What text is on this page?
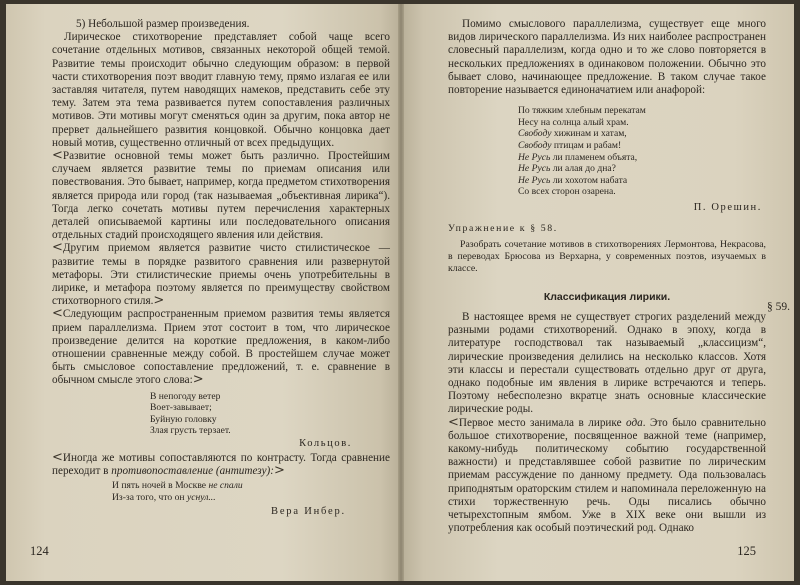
5) Небольшой размер произведения.

Лирическое стихотворение представляет собой чаще всего сочетание отдельных мотивов, связанных некоторой общей темой. Развитие темы происходит обычно следующим образом: в первой части стихотворения поэт вводит главную тему, прямо излагая ее или заставляя читателя, путем наводящих намеков, представить себе эту тему. Затем эта тема развивается путем сопоставления различных мотивов. Эти мотивы могут сменяться один за другим, пока автор не прервет дальнейшего развития концовкой. Обычно концовка дает новый мотив, существенно отличный от всех предыдущих.

<Развитие основной темы может быть различно. Простейшим случаем является развитие темы по приемам описания или повествования. Это бывает, например, когда предметом стихотворения является природа или город (так называемая „объективная лирика“). Тогда легко сочетать мотивы путем перечисления характерных деталей описываемой картины или последовательного описания отдельных стадий происходящего явления или действия.

<Другим приемом является развитие чисто стилистическое — развитие темы в порядке развитого сравнения или развернутой метафоры. Эти стилистические приемы очень употребительны в лирике, и метафора поэтому является по преимуществу свойством стихотворного стиля.>

<Следующим распространенным приемом развития темы является прием параллелизма. Прием этот состоит в том, что лирическое произведение делится на короткие предложения, в каком-либо отношении сравненные между собой. В простейшем случае может быть смысловое сопоставление предложений, т. е. сравнение в обычном смысле этого слова:>

В непогоду ветер
Воет-завывает;
Буйную головку
Злая грусть терзает.

Кольцов.

<Иногда же мотивы сопоставляются по контрасту. Тогда сравнение переходит в противопоставление (антитезу):>

И пять ночей в Москве не спали
Из-за того, что он уснул...

Вера Инбер.

124

Помимо смыслового параллелизма, существует еще много видов лирического параллелизма. Из них наиболее распространен словесный параллелизм, когда одно и то же слово повторяется в нескольких предложениях в одинаковом положении. Обычно это бывает слово, начинающее предложение. В таком случае такое повторение называется единоначатием или анафорой:

По тяжким хлебным перекатам
Несу на солнца алый храм.
Свободу хижинам и хатам,
Свободу птицам и рабам!
Не Русь ли пламенем объята,
Не Русь ли алая до дна?
Не Русь ли хохотом набата
Со всех сторон озарена.

П. Орешин.

Упражнение к § 58.

Разобрать сочетание мотивов в стихотворениях Лермонтова, Некрасова, в переводах Брюсова из Верхарна, у современных поэтов, изучаемых в классе.

Классификация лирики.

В настоящее время не существует строгих разделений между разными родами стихотворений. Однако в эпоху, когда в литературе господствовал так называемый „классицизм“, лирические произведения делились на несколько классов. Хотя эти классы и перестали существовать отдельно друг от друга, однако подобные им явления в лирике встречаются и теперь. Поэтому небесполезно вкратце знать основные классические лирические роды.

<Первое место занимала в лирике ода. Это было сравнительно большое стихотворение, посвященное важной теме (например, какому-нибудь политическому событию государственной важности) и представлявшее собой развитие по лирическим приемам рассуждение по данному предмету. Ода пользовалась приподнятым ораторским стилем и напоминала переложенную на стихи торжественную речь. Оды писались обычно четырехстопным ямбом. Уже в XIX веке они вышли из употребления как особый поэтический род. Однако

§ 59.
125
